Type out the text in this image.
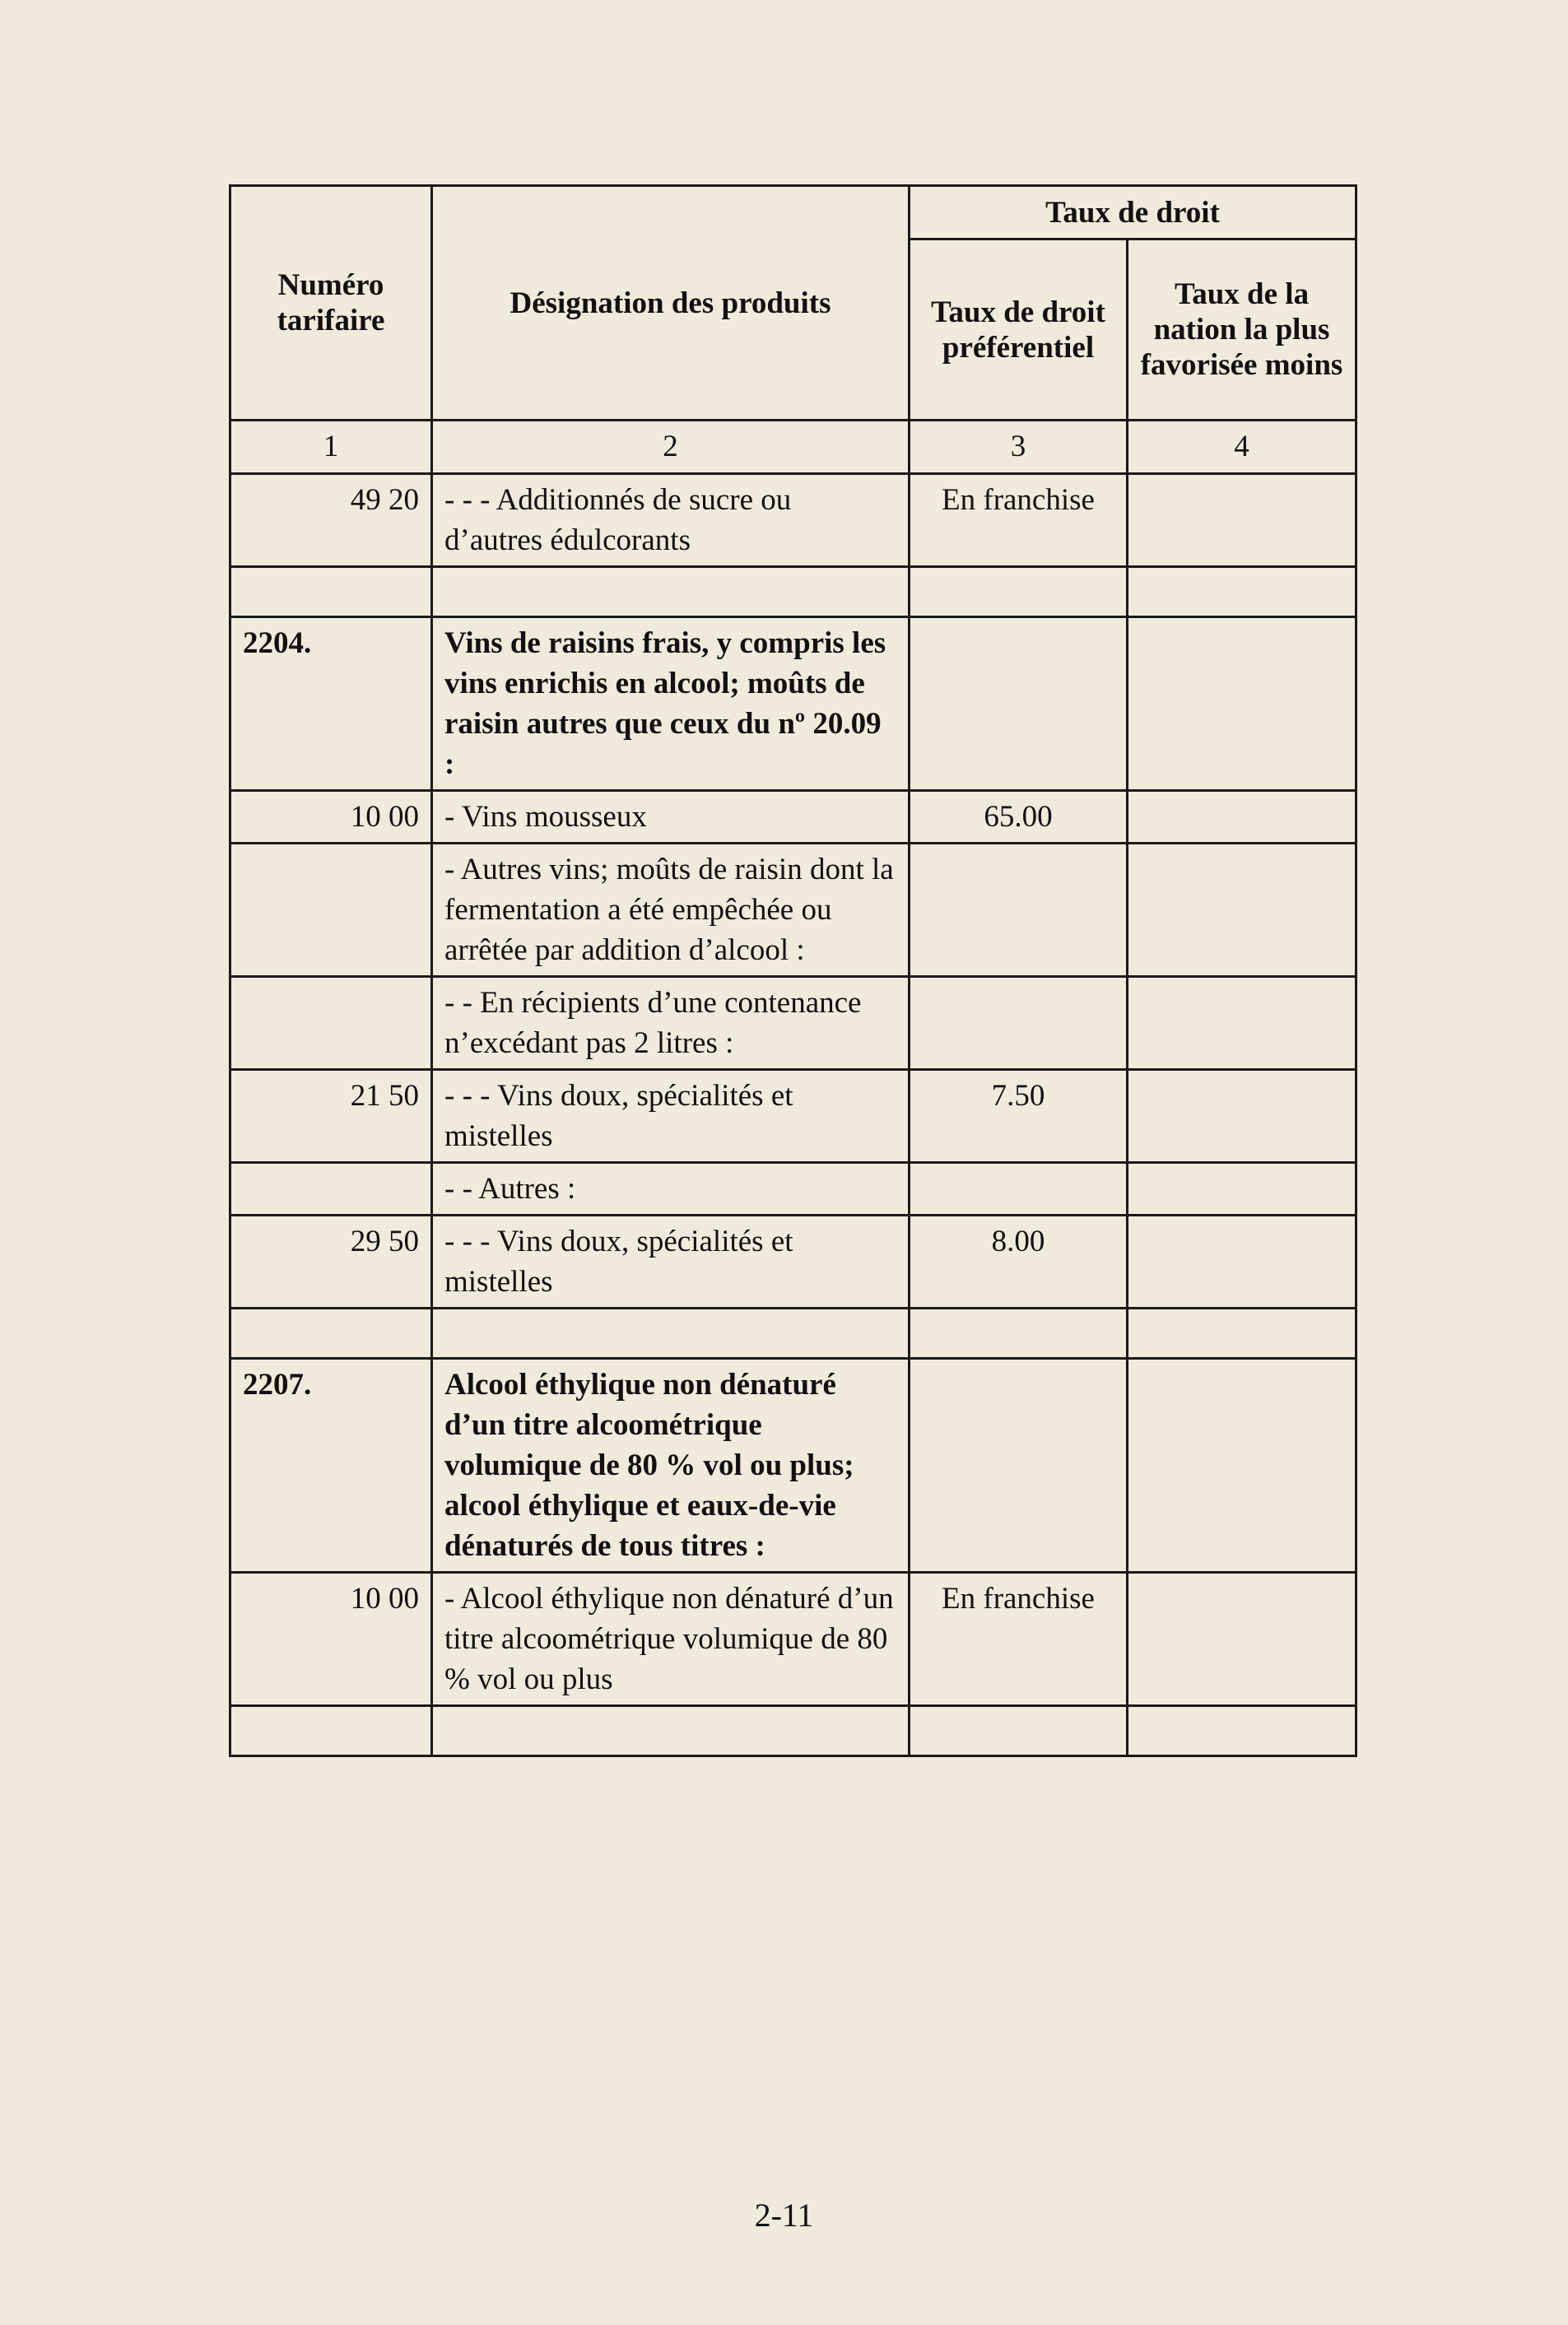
Numéro tarifaire	Désignation des produits	Taux de droit	
		Taux de droit préférentiel	Taux de la nation la plus favorisée moins
1	2	3	4
49 20	- - - Additionnés de sucre ou d’autres édulcorants	En franchise	

2204.	Vins de raisins frais, y compris les vins enrichis en alcool; moûts de raisin autres que ceux du nº 20.09 :		
10 00	- Vins mousseux	65.00	
	- Autres vins; moûts de raisin dont la fermentation a été empêchée ou arrêtée par addition d’alcool :		
	- - En récipients d’une contenance n’excédant pas 2 litres :		
21 50	- - - Vins doux, spécialités et mistelles	7.50	
	- - Autres :		
29 50	- - - Vins doux, spécialités et mistelles	8.00	

2207.	Alcool éthylique non dénaturé d’un titre alcoométrique volumique de 80 % vol ou plus; alcool éthylique et eaux-de-vie dénaturés de tous titres :		
10 00	- Alcool éthylique non dénaturé d’un titre alcoométrique volumique de 80 % vol ou plus	En franchise	

2-11
